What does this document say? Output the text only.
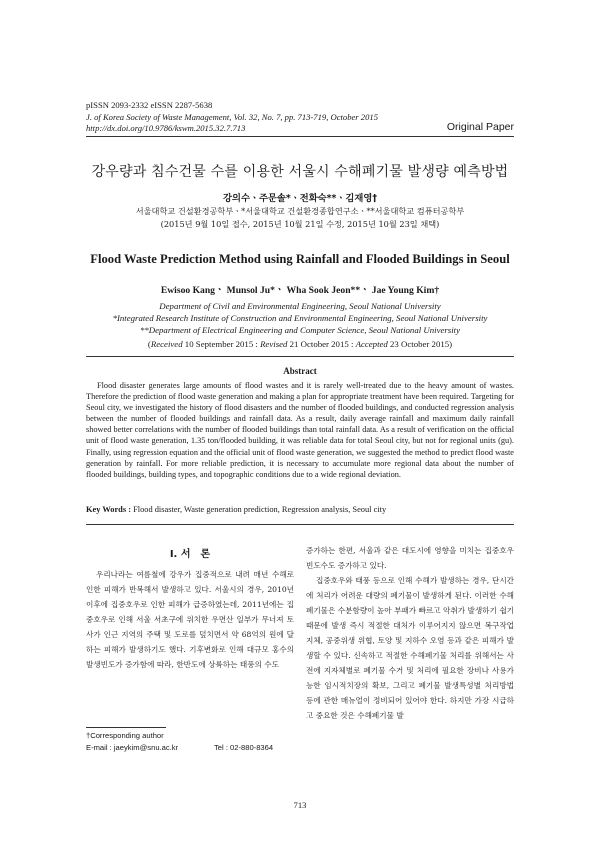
pISSN 2093-2332 eISSN 2287-5638
J. of Korea Society of Waste Management, Vol. 32, No. 7, pp. 713-719, October 2015
http://dx.doi.org/10.9786/kswm.2015.32.7.713	Original Paper
강우량과 침수건물 수를 이용한 서울시 수해폐기물 발생량 예측방법
강의수ㆍ주문솔*ㆍ전화숙**ㆍ김재영†
서울대학교 건설환경공학부ㆍ*서울대학교 건설환경종합연구소ㆍ**서울대학교 컴퓨터공학부
(2015년 9월 10일 접수, 2015년 10월 21일 수정, 2015년 10월 23일 채택)
Flood Waste Prediction Method using Rainfall and Flooded Buildings in Seoul
Ewisoo Kangㆍ Munsol Ju*ㆍ Wha Sook Jeon**ㆍ Jae Young Kim†
Department of Civil and Environmental Engineering, Seoul National University
*Integrated Research Institute of Construction and Environmental Engineering, Seoul National University
**Department of Electrical Engineering and Computer Science, Seoul National University
(Received 10 September 2015 : Revised 21 October 2015 : Accepted 23 October 2015)
Abstract
Flood disaster generates large amounts of flood wastes and it is rarely well-treated due to the heavy amount of wastes. Therefore the prediction of flood waste generation and making a plan for appropriate treatment have been required. Targeting for Seoul city, we investigated the history of flood disasters and the number of flooded buildings, and conducted regression analysis between the number of flooded buildings and rainfall data. As a result, daily average rainfall and maximum daily rainfall showed better correlations with the number of flooded buildings than total rainfall data. As a result of verification on the official unit of flood waste generation, 1.35 ton/flooded building, it was reliable data for total Seoul city, but not for regional units (gu). Finally, using regression equation and the official unit of flood waste generation, we suggested the method to predict flood waste generation by rainfall. For more reliable prediction, it is necessary to accumulate more regional data about the number of flooded buildings, building types, and topographic conditions due to a wide regional deviation.
Key Words : Flood disaster, Waste generation prediction, Regression analysis, Seoul city
I. 서　론

우리나라는 여름철에 강우가 집중적으로 내려 매년 수해로 인한 피해가 반복해서 발생하고 있다. 서울시의 경우, 2010년 이후에 집중호우로 인한 피해가 급증하였는데, 2011년에는 집중호우로 인해 서울 서초구에 위치한 우면산 일부가 무너져 토사가 인근 지역의 주택 및 도로를 덮치면서 약 68억의 원에 달하는 피해가 발생하기도 했다. 기후변화로 인해 대규모 홍수의 발생빈도가 증가함에 따라, 한반도에 상륙하는 태풍의 수도

증가하는 한편, 서울과 같은 대도시에 영향을 미치는 집중호우 빈도수도 증가하고 있다.

집중호우와 태풍 등으로 인해 수해가 발생하는 경우, 단시간에 처리가 어려운 대량의 폐기물이 발생하게 된다. 이러한 수해폐기물은 수분함량이 높아 부패가 빠르고 악취가 발생하기 쉽기 때문에 발생 즉시 적절한 대처가 이루어지지 않으면 복구작업 지체, 공중위생 위협, 토양 및 지하수 오염 등과 같은 피해가 발생할 수 있다. 신속하고 적절한 수해폐기물 처리를 위해서는 사전에 지자체별로 폐기물 수거 및 처리에 필요한 장비나 사용가능한 임시적치장의 확보, 그리고 폐기물 발생특성별 처리방법 등에 관한 매뉴얼이 정비되어 있어야 한다. 하지만 가장 시급하고 중요한 것은 수해폐기물 발

†Corresponding author
E-mail : jaeykim@snu.ac.kr	Tel : 02-880-8364
713
